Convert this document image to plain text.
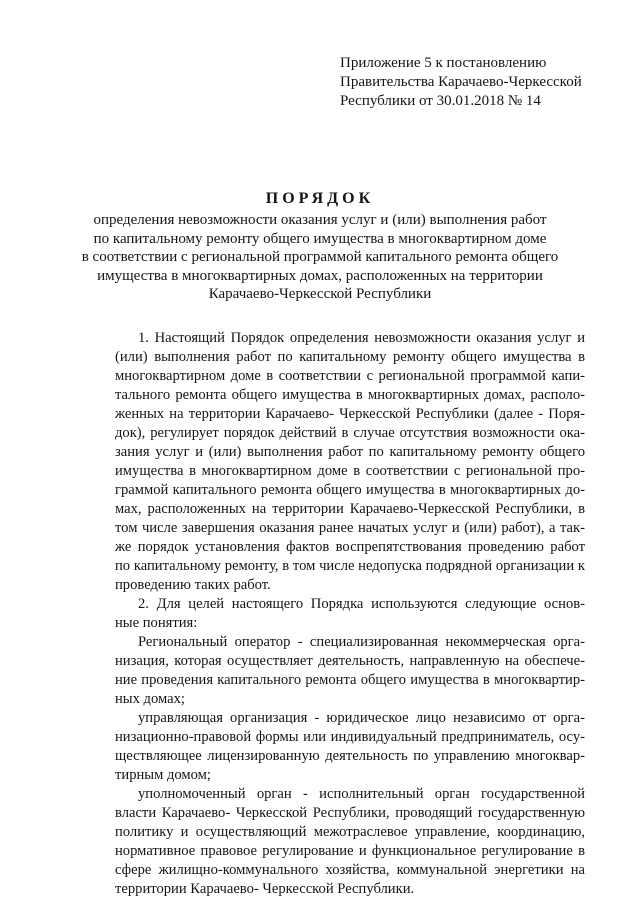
Приложение 5 к постановлению
Правительства Карачаево-Черкесской
Республики от 30.01.2018 № 14
ПОРЯДОК
определения невозможности оказания услуг и (или) выполнения работ
по капитальному ремонту общего имущества в многоквартирном доме
в соответствии с региональной программой капитального ремонта общего
имущества в многоквартирных домах, расположенных на территории
Карачаево-Черкесской Республики
1. Настоящий Порядок определения невозможности оказания услуг и
(или) выполнения работ по капитальному ремонту общего имущества в
многоквартирном доме в соответствии с региональной программой капи-
тального ремонта общего имущества в многоквартирных домах, располо-
женных на территории Карачаево- Черкесской Республики (далее - Поря-
док), регулирует порядок действий в случае отсутствия возможности ока-
зания услуг и (или) выполнения работ по капитальному ремонту общего
имущества в многоквартирном доме в соответствии с региональной про-
граммой капитального ремонта общего имущества в многоквартирных до-
мах, расположенных на территории Карачаево-Черкесской Республики, в
том числе завершения оказания ранее начатых услуг и (или) работ), а так-
же порядок установления фактов воспрепятствования проведению работ
по капитальному ремонту, в том числе недопуска подрядной организации к
проведению таких работ.
2. Для целей настоящего Порядка используются следующие основ-
ные понятия:
Региональный оператор - специализированная некоммерческая орга-
низация, которая осуществляет деятельность, направленную на обеспече-
ние проведения капитального ремонта общего имущества в многоквартир-
ных домах;
управляющая организация - юридическое лицо независимо от орга-
низационно-правовой формы или индивидуальный предприниматель, осу-
ществляющее лицензированную деятельность по управлению многоквар-
тирным домом;
уполномоченный орган - исполнительный орган государственной
власти Карачаево- Черкесской Республики, проводящий государственную
политику и осуществляющий межотраслевое управление, координацию,
нормативное правовое регулирование и функциональное регулирование в
сфере жилищно-коммунального хозяйства, коммунальной энергетики на
территории Карачаево- Черкесской Республики.
